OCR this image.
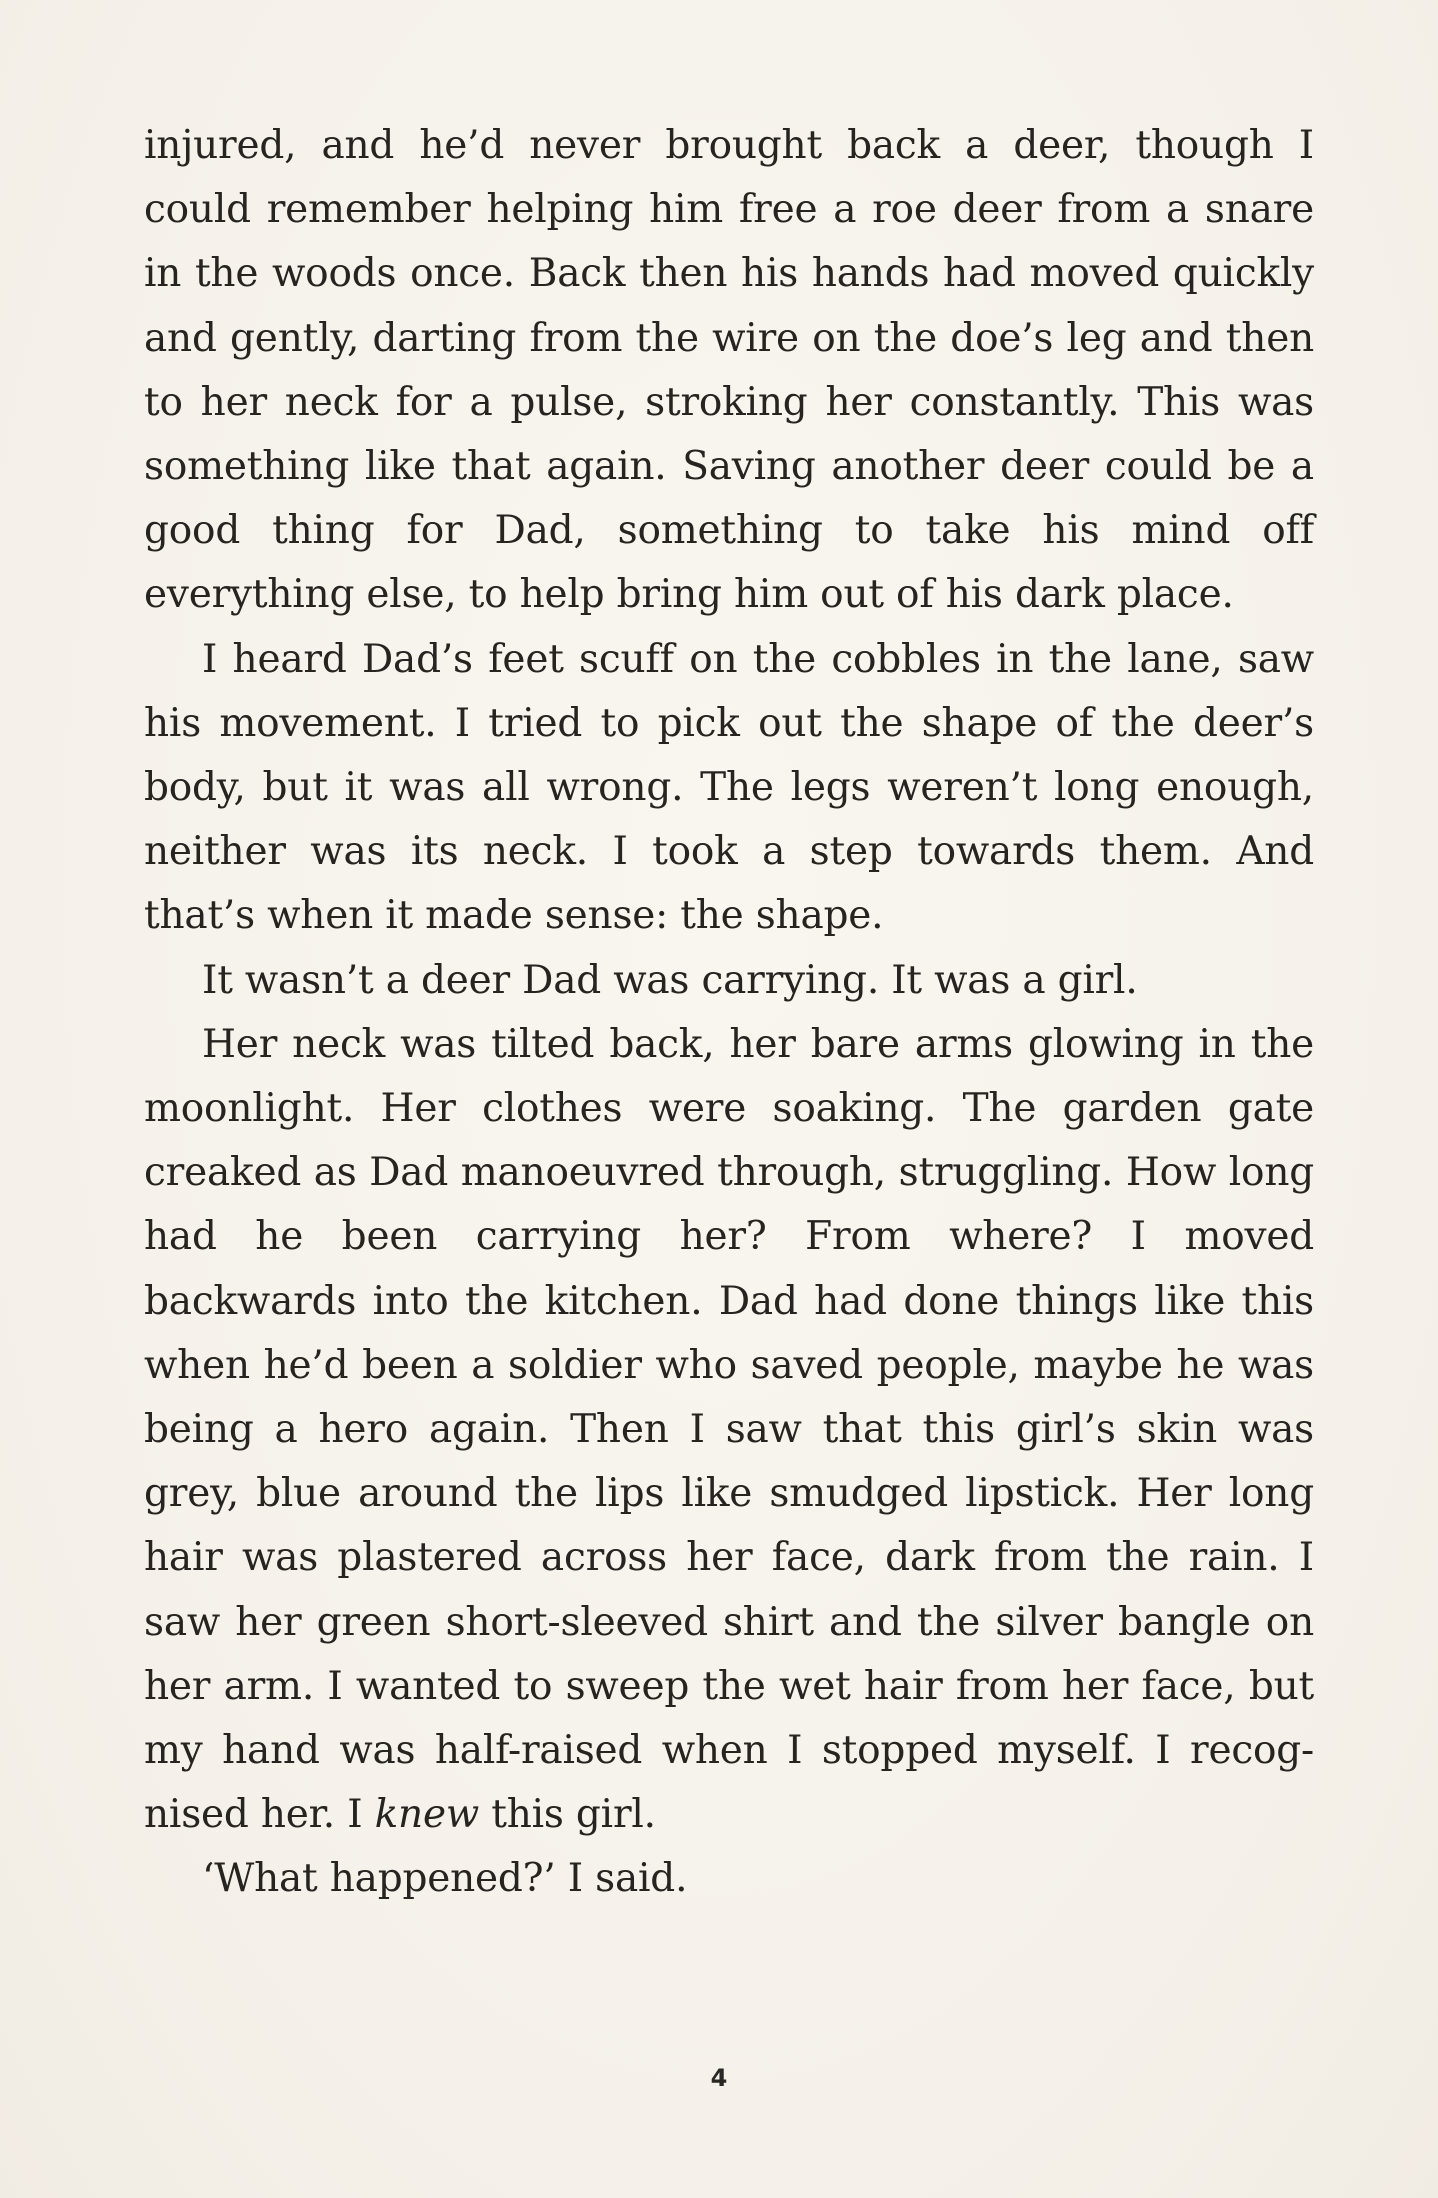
injured, and he’d never brought back a deer, though I could remember helping him free a roe deer from a snare in the woods once. Back then his hands had moved quickly and gently, darting from the wire on the doe’s leg and then to her neck for a pulse, stroking her constantly. This was something like that again. Saving another deer could be a good thing for Dad, something to take his mind off everything else, to help bring him out of his dark place.

I heard Dad’s feet scuff on the cobbles in the lane, saw his movement. I tried to pick out the shape of the deer’s body, but it was all wrong. The legs weren’t long enough, neither was its neck. I took a step towards them. And that’s when it made sense: the shape.

It wasn’t a deer Dad was carrying. It was a girl.

Her neck was tilted back, her bare arms glowing in the moonlight. Her clothes were soaking. The garden gate creaked as Dad manoeuvred through, struggling. How long had he been carrying her? From where? I moved backwards into the kitchen. Dad had done things like this when he’d been a soldier who saved people, maybe he was being a hero again. Then I saw that this girl’s skin was grey, blue around the lips like smudged lipstick. Her long hair was plastered across her face, dark from the rain. I saw her green short-sleeved shirt and the silver bangle on her arm. I wanted to sweep the wet hair from her face, but my hand was half-raised when I stopped myself. I recog-nised her. I knew this girl.

‘What happened?’ I said.

4
